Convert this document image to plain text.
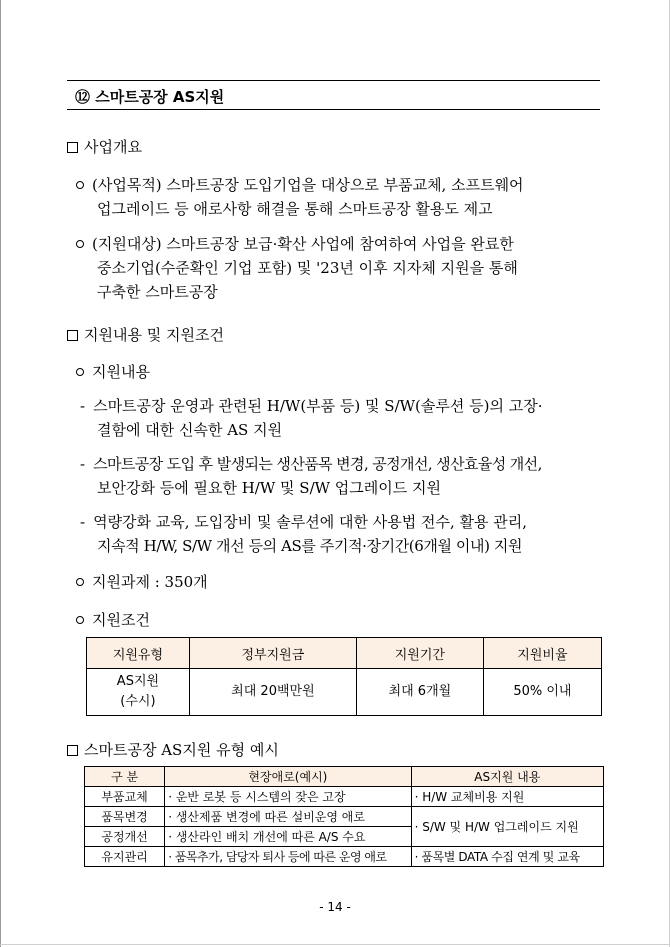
⑫ 스마트공장 AS지원
사업개요
(사업목적) 스마트공장 도입기업을 대상으로 부품교체, 소프트웨어
업그레이드 등 애로사항 해결을 통해 스마트공장 활용도 제고
(지원대상) 스마트공장 보급·확산 사업에 참여하여 사업을 완료한
중소기업(수준확인 기업 포함) 및 '23년 이후 지자체 지원을 통해
구축한 스마트공장
지원내용 및 지원조건
지원내용
- 스마트공장 운영과 관련된 H/W(부품 등) 및 S/W(솔루션 등)의 고장·
결함에 대한 신속한 AS 지원
- 스마트공장 도입 후 발생되는 생산품목 변경, 공정개선, 생산효율성 개선,
보안강화 등에 필요한 H/W 및 S/W 업그레이드 지원
- 역량강화 교육, 도입장비 및 솔루션에 대한 사용법 전수, 활용 관리,
지속적 H/W, S/W 개선 등의 AS를 주기적·장기간(6개월 이내) 지원
지원과제 : 350개
지원조건
지원유형	정부지원금	지원기간	지원비율

AS지원
(수시)	최대 20백만원	최대 6개월	50% 이내
스마트공장 AS지원 유형 예시
구 분	현장애로(예시)	AS지원 내용
부품교체	· 운반 로봇 등 시스템의 잦은 고장	· H/W 교체비용 지원
품목변경	· 생산제품 변경에 따른 설비운영 애로	· S/W 및 H/W 업그레이드 지원
공정개선	· 생산라인 배치 개선에 따른 A/S 수요	
유지관리	· 품목추가, 담당자 퇴사 등에 따른 운영 애로	· 품목별 DATA 수집 연계 및 교육
- 14 -
